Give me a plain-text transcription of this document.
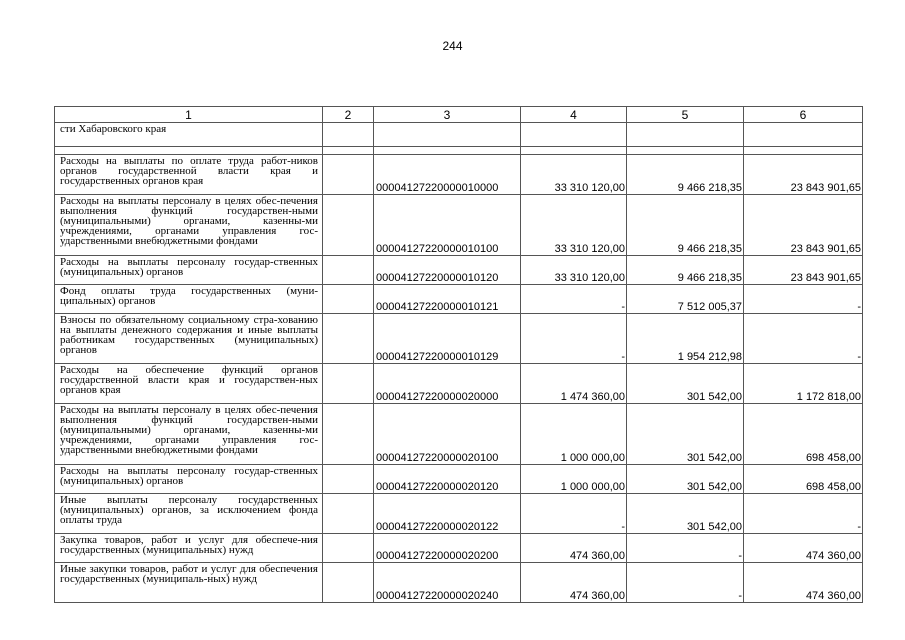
244
1	2	3	4	5	6
сти Хабаровского края					

Расходы на выплаты по оплате труда работ-ников органов государственной власти края и государственных органов края		00004127220000010000	33 310 120,00	9 466 218,35	23 843 901,65
Расходы на выплаты персоналу в целях обес-печения выполнения функций государствен-ными (муниципальными) органами, казенны-ми учреждениями, органами управления гос-ударственными внебюджетными фондами		00004127220000010100	33 310 120,00	9 466 218,35	23 843 901,65
Расходы на выплаты персоналу государ-ственных (муниципальных) органов		00004127220000010120	33 310 120,00	9 466 218,35	23 843 901,65
Фонд оплаты труда государственных (муни-ципальных) органов		00004127220000010121	-	7 512 005,37	-
Взносы по обязательному социальному стра-хованию на выплаты денежного содержания и иные выплаты работникам государственных (муниципальных) органов		00004127220000010129	-	1 954 212,98	-
Расходы на обеспечение функций органов государственной власти края и государствен-ных органов края		00004127220000020000	1 474 360,00	301 542,00	1 172 818,00
Расходы на выплаты персоналу в целях обес-печения выполнения функций государствен-ными (муниципальными) органами, казенны-ми учреждениями, органами управления гос-ударственными внебюджетными фондами		00004127220000020100	1 000 000,00	301 542,00	698 458,00
Расходы на выплаты персоналу государ-ственных (муниципальных) органов		00004127220000020120	1 000 000,00	301 542,00	698 458,00
Иные выплаты персоналу государственных (муниципальных) органов, за исключением фонда оплаты труда		00004127220000020122	-	301 542,00	-
Закупка товаров, работ и услуг для обеспече-ния государственных (муниципальных) нужд		00004127220000020200	474 360,00	-	474 360,00
Иные закупки товаров, работ и услуг для обеспечения государственных (муниципаль-ных) нужд		00004127220000020240	474 360,00	-	474 360,00
